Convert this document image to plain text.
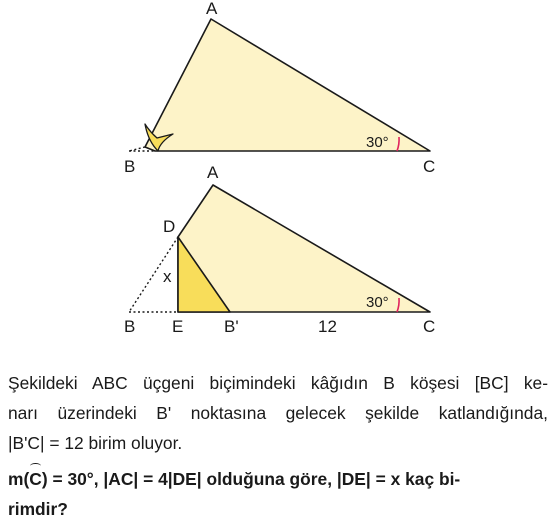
30°
A
B	C
30°
A
D
x
B E B'	12	C
Şekildeki ABC üçgeni biçimindeki kâğıdın B köşesi [BC] ke-
narı üzerindeki B' noktasına gelecek şekilde katlandığında,
|B'C| = 12 birim oluyor.
m(C) = 30°, |AC| = 4|DE| olduğuna göre, |DE| = x kaç bi-
rimdir?
